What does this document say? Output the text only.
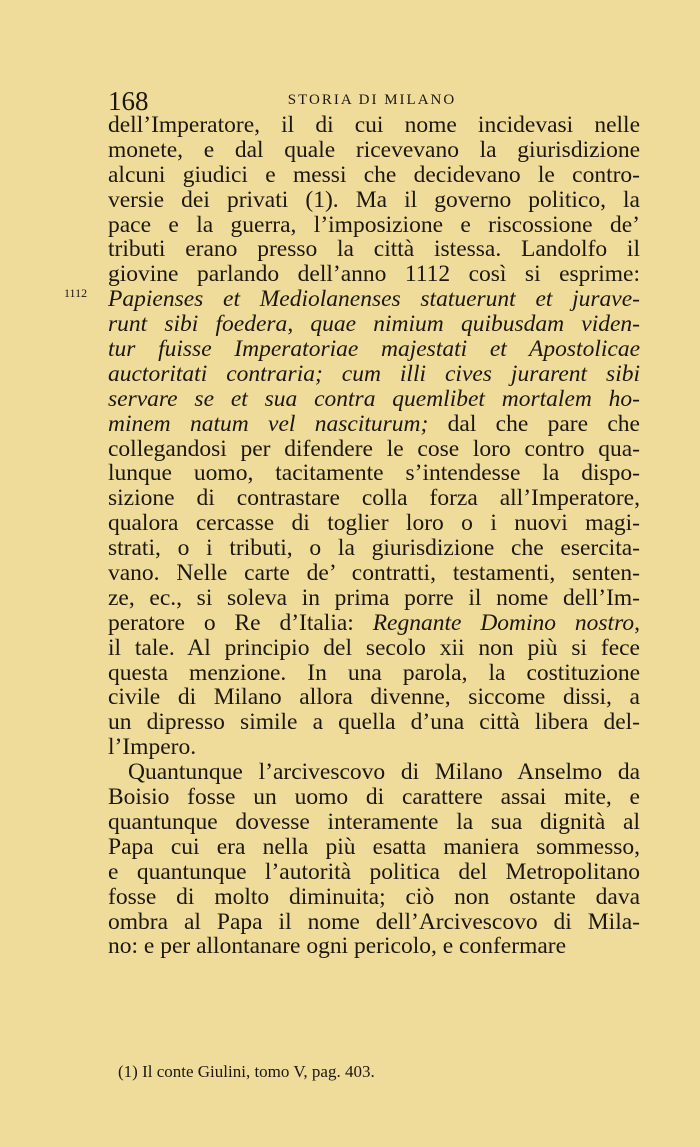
168	STORIA DI MILANO
1112
dell’Imperatore, il di cui nome incidevasi nelle
monete, e dal quale ricevevano la giurisdizione
alcuni giudici e messi che decidevano le contro-
versie dei privati (1). Ma il governo politico, la
pace e la guerra, l’imposizione e riscossione de’
tributi erano presso la città istessa. Landolfo il
giovine parlando dell’anno 1112 così si esprime:
Papienses et Mediolanenses statuerunt et jurave-
runt sibi foedera, quae nimium quibusdam viden-
tur fuisse Imperatoriae majestati et Apostolicae
auctoritati contraria; cum illi cives jurarent sibi
servare se et sua contra quemlibet mortalem ho-
minem natum vel nasciturum; dal che pare che
collegandosi per difendere le cose loro contro qua-
lunque uomo, tacitamente s’intendesse la dispo-
sizione di contrastare colla forza all’Imperatore,
qualora cercasse di toglier loro o i nuovi magi-
strati, o i tributi, o la giurisdizione che esercita-
vano. Nelle carte de’ contratti, testamenti, senten-
ze, ec., si soleva in prima porre il nome dell’Im-
peratore o Re d’Italia: Regnante Domino nostro,
il tale. Al principio del secolo xii non più si fece
questa menzione. In una parola, la costituzione
civile di Milano allora divenne, siccome dissi, a
un dipresso simile a quella d’una città libera del-
l’Impero.
Quantunque l’arcivescovo di Milano Anselmo da
Boisio fosse un uomo di carattere assai mite, e
quantunque dovesse interamente la sua dignità al
Papa cui era nella più esatta maniera sommesso,
e quantunque l’autorità politica del Metropolitano
fosse di molto diminuita; ciò non ostante dava
ombra al Papa il nome dell’Arcivescovo di Mila-
no: e per allontanare ogni pericolo, e confermare
(1) Il conte Giulini, tomo V, pag. 403.
